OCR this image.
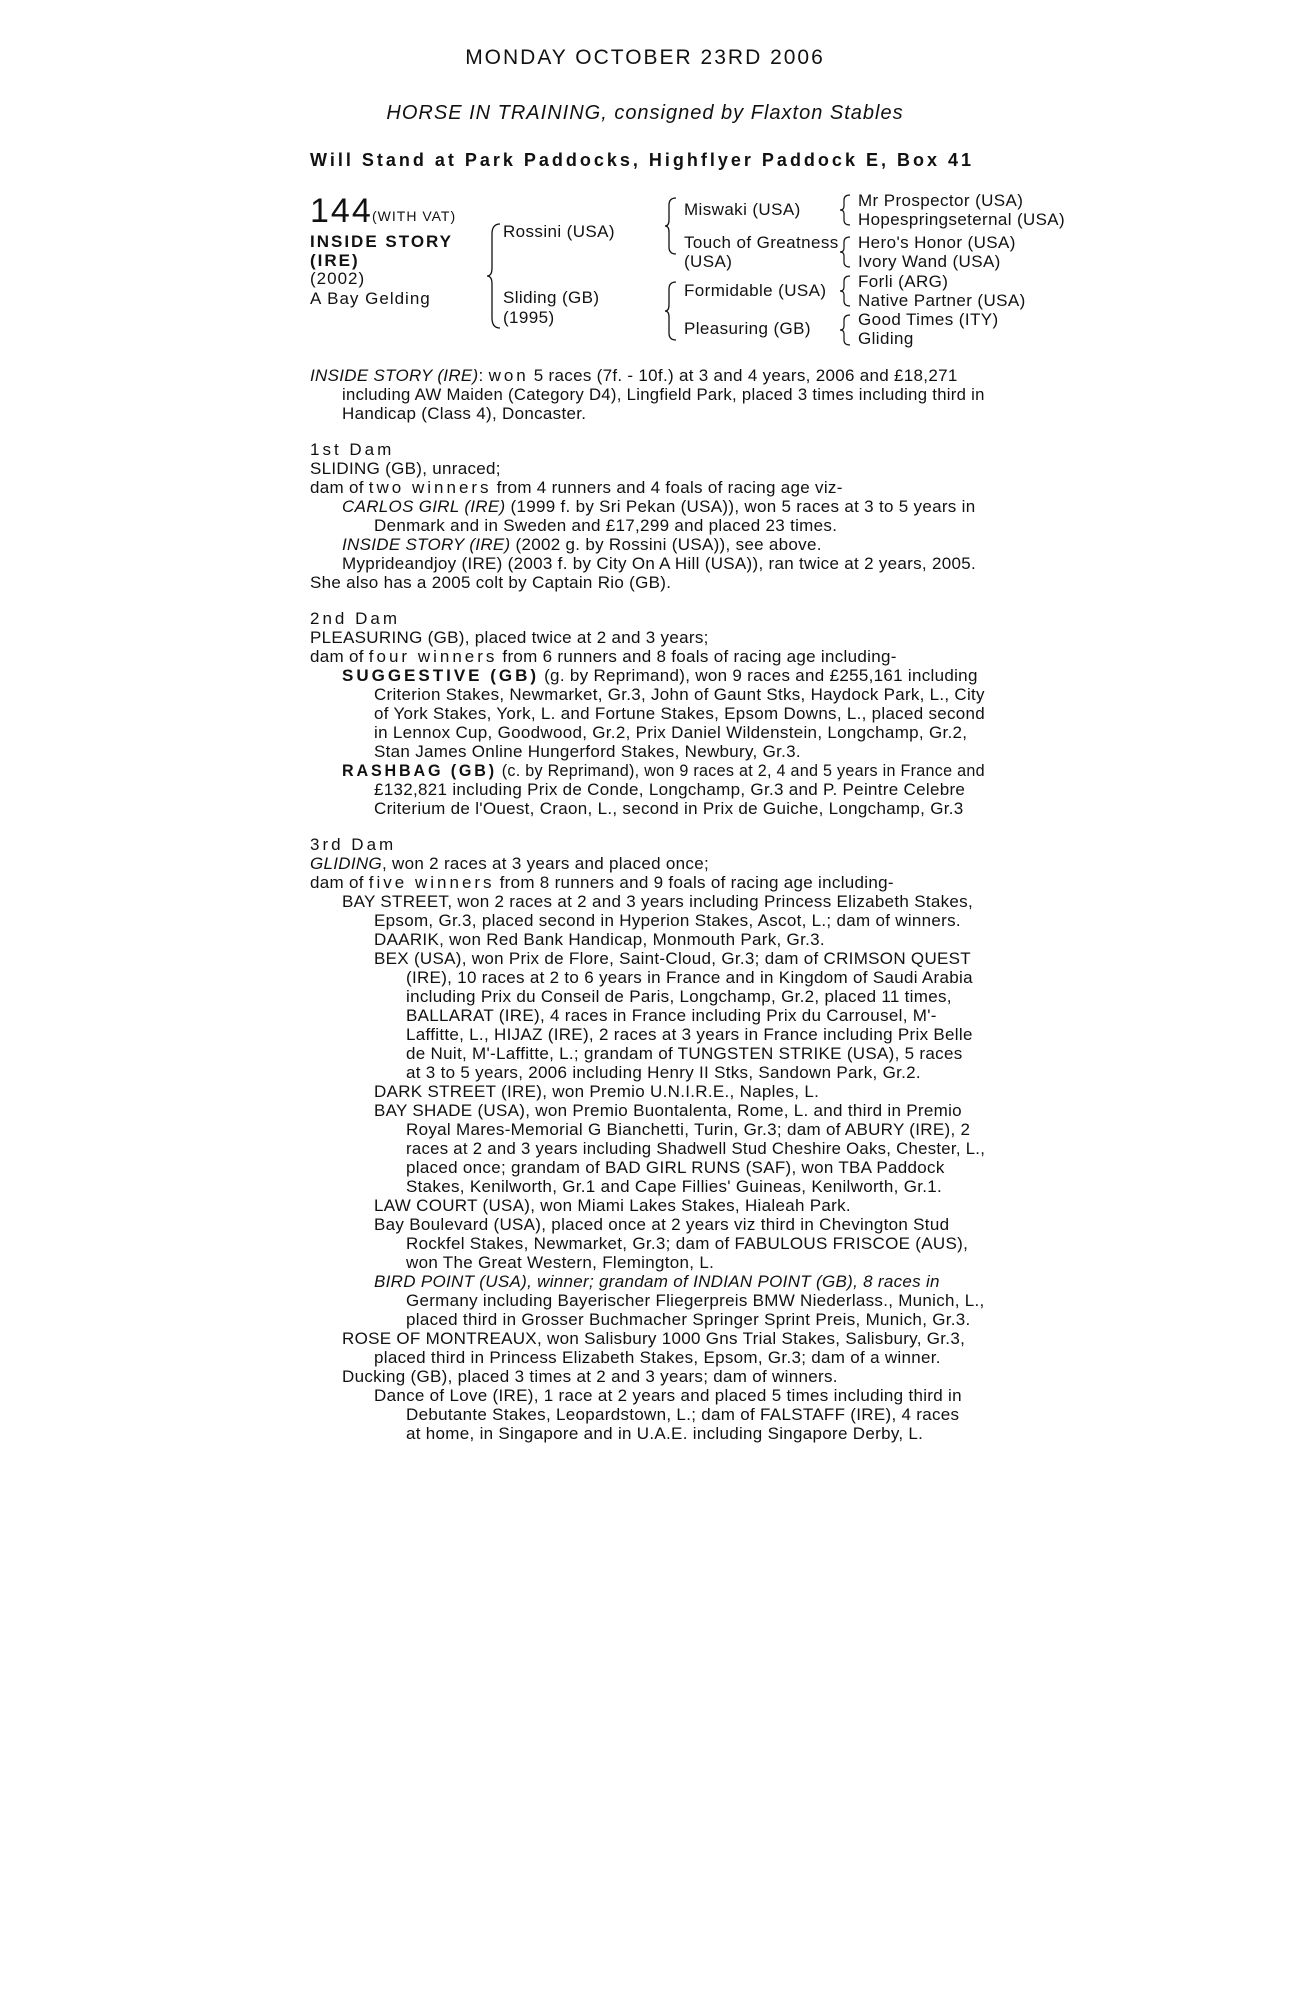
MONDAY OCTOBER 23RD 2006
HORSE IN TRAINING, consigned by Flaxton Stables
Will Stand at Park Paddocks, Highflyer Paddock E, Box 41
144 (WITH VAT)
INSIDE STORY
(IRE)
(2002)
A Bay Gelding
Rossini (USA)
Sliding (GB)
(1995)
Miswaki (USA)
Touch of Greatness
(USA)
Formidable (USA)
Pleasuring (GB)
Mr Prospector (USA)
Hopespringseternal (USA)
Hero's Honor (USA)
Ivory Wand (USA)
Forli (ARG)
Native Partner (USA)
Good Times (ITY)
Gliding
INSIDE STORY (IRE): won 5 races (7f. - 10f.) at 3 and 4 years, 2006 and £18,271
including AW Maiden (Category D4), Lingfield Park, placed 3 times including third in
Handicap (Class 4), Doncaster.
1st Dam
SLIDING (GB), unraced;
dam of two winners from 4 runners and 4 foals of racing age viz-
CARLOS GIRL (IRE) (1999 f. by Sri Pekan (USA)), won 5 races at 3 to 5 years in
Denmark and in Sweden and £17,299 and placed 23 times.
INSIDE STORY (IRE) (2002 g. by Rossini (USA)), see above.
Myprideandjoy (IRE) (2003 f. by City On A Hill (USA)), ran twice at 2 years, 2005.
She also has a 2005 colt by Captain Rio (GB).
2nd Dam
PLEASURING (GB), placed twice at 2 and 3 years;
dam of four winners from 6 runners and 8 foals of racing age including-
SUGGESTIVE (GB) (g. by Reprimand), won 9 races and £255,161 including
Criterion Stakes, Newmarket, Gr.3, John of Gaunt Stks, Haydock Park, L., City
of York Stakes, York, L. and Fortune Stakes, Epsom Downs, L., placed second
in Lennox Cup, Goodwood, Gr.2, Prix Daniel Wildenstein, Longchamp, Gr.2,
Stan James Online Hungerford Stakes, Newbury, Gr.3.
RASHBAG (GB) (c. by Reprimand), won 9 races at 2, 4 and 5 years in France and
£132,821 including Prix de Conde, Longchamp, Gr.3 and P. Peintre Celebre
Criterium de l'Ouest, Craon, L., second in Prix de Guiche, Longchamp, Gr.3
3rd Dam
GLIDING, won 2 races at 3 years and placed once;
dam of five winners from 8 runners and 9 foals of racing age including-
BAY STREET, won 2 races at 2 and 3 years including Princess Elizabeth Stakes,
Epsom, Gr.3, placed second in Hyperion Stakes, Ascot, L.; dam of winners.
DAARIK, won Red Bank Handicap, Monmouth Park, Gr.3.
BEX (USA), won Prix de Flore, Saint-Cloud, Gr.3; dam of CRIMSON QUEST
(IRE), 10 races at 2 to 6 years in France and in Kingdom of Saudi Arabia
including Prix du Conseil de Paris, Longchamp, Gr.2, placed 11 times,
BALLARAT (IRE), 4 races in France including Prix du Carrousel, M'-
Laffitte, L., HIJAZ (IRE), 2 races at 3 years in France including Prix Belle
de Nuit, M'-Laffitte, L.; grandam of TUNGSTEN STRIKE (USA), 5 races
at 3 to 5 years, 2006 including Henry II Stks, Sandown Park, Gr.2.
DARK STREET (IRE), won Premio U.N.I.R.E., Naples, L.
BAY SHADE (USA), won Premio Buontalenta, Rome, L. and third in Premio
Royal Mares-Memorial G Bianchetti, Turin, Gr.3; dam of ABURY (IRE), 2
races at 2 and 3 years including Shadwell Stud Cheshire Oaks, Chester, L.,
placed once; grandam of BAD GIRL RUNS (SAF), won TBA Paddock
Stakes, Kenilworth, Gr.1 and Cape Fillies' Guineas, Kenilworth, Gr.1.
LAW COURT (USA), won Miami Lakes Stakes, Hialeah Park.
Bay Boulevard (USA), placed once at 2 years viz third in Chevington Stud
Rockfel Stakes, Newmarket, Gr.3; dam of FABULOUS FRISCOE (AUS),
won The Great Western, Flemington, L.
BIRD POINT (USA), winner; grandam of INDIAN POINT (GB), 8 races in
Germany including Bayerischer Fliegerpreis BMW Niederlass., Munich, L.,
placed third in Grosser Buchmacher Springer Sprint Preis, Munich, Gr.3.
ROSE OF MONTREAUX, won Salisbury 1000 Gns Trial Stakes, Salisbury, Gr.3,
placed third in Princess Elizabeth Stakes, Epsom, Gr.3; dam of a winner.
Ducking (GB), placed 3 times at 2 and 3 years; dam of winners.
Dance of Love (IRE), 1 race at 2 years and placed 5 times including third in
Debutante Stakes, Leopardstown, L.; dam of FALSTAFF (IRE), 4 races
at home, in Singapore and in U.A.E. including Singapore Derby, L.
